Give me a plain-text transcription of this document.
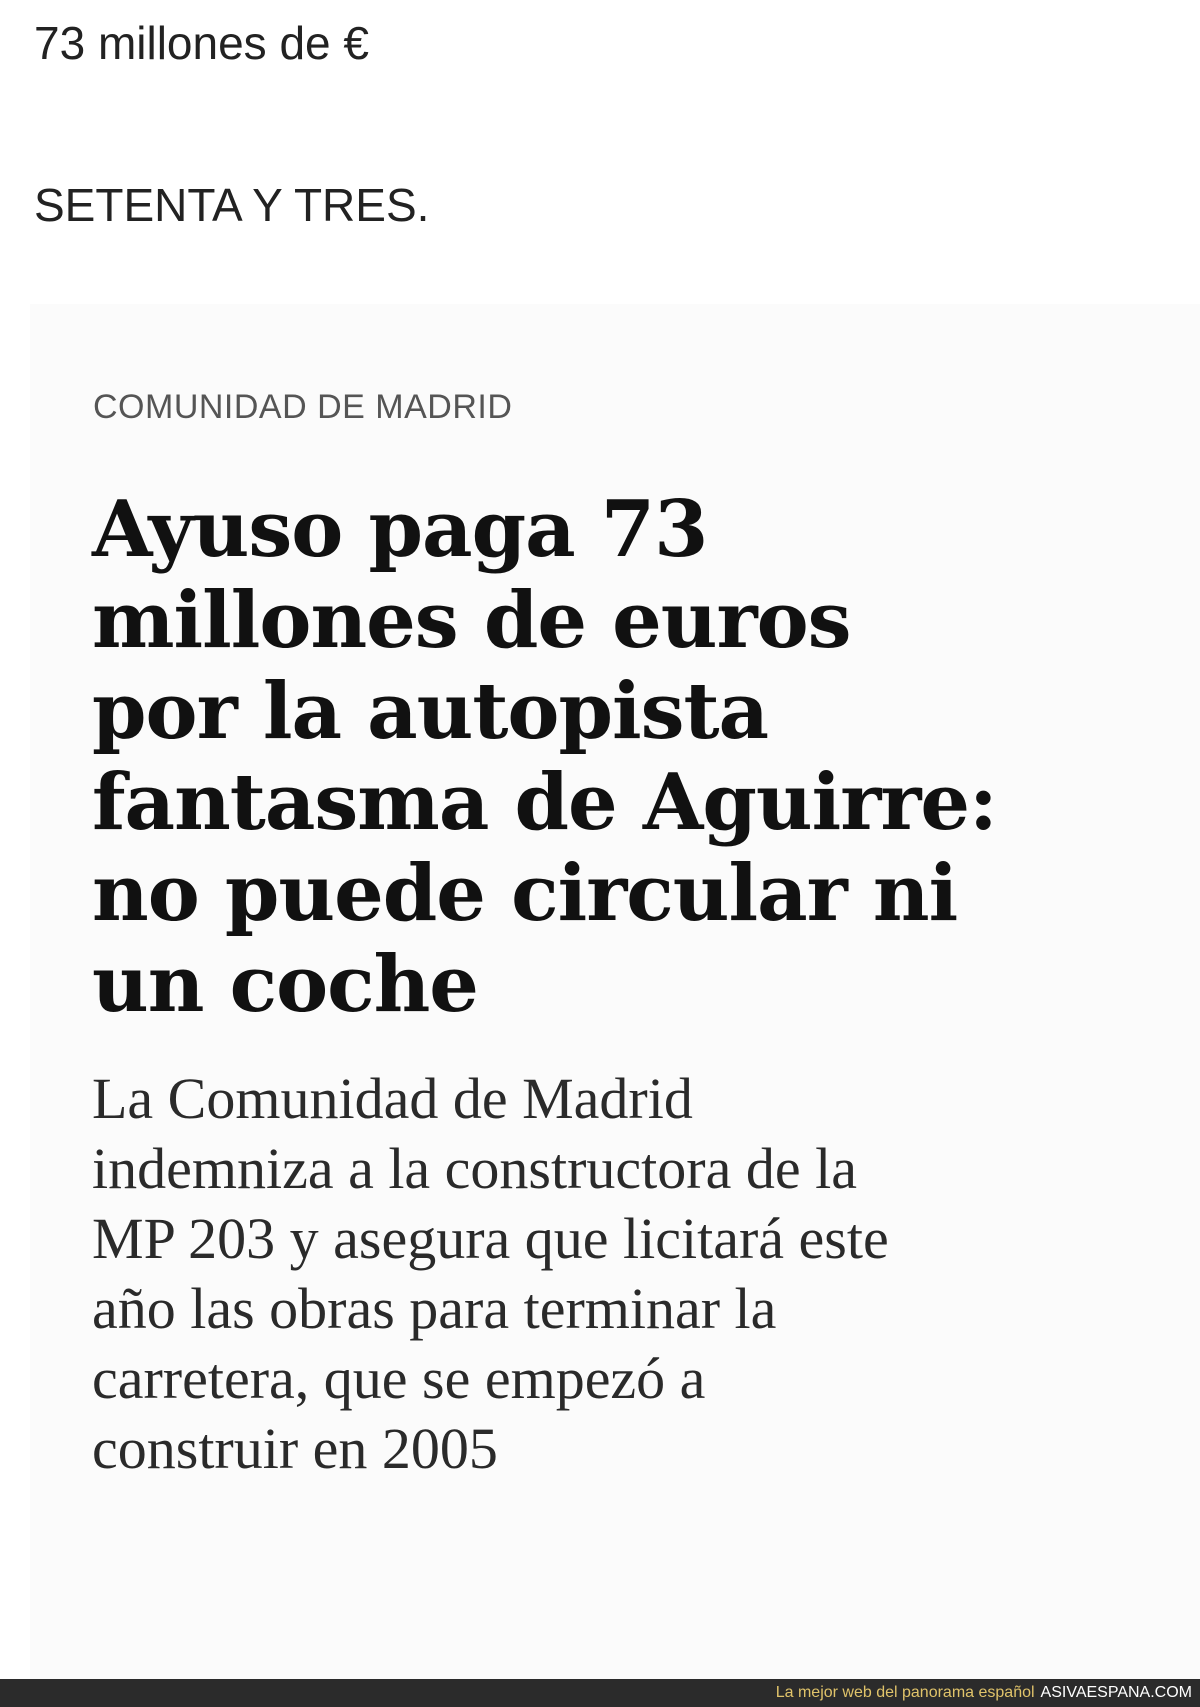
73 millones de €

SETENTA Y TRES.

COMUNIDAD DE MADRID

Ayuso paga 73
millones de euros
por la autopista
fantasma de Aguirre:
no puede circular ni
un coche

La Comunidad de Madrid
indemniza a la constructora de la
MP 203 y asegura que licitará este
año las obras para terminar la
carretera, que se empezó a
construir en 2005

La mejor web del panorama español ASIVAESPANA.COM
